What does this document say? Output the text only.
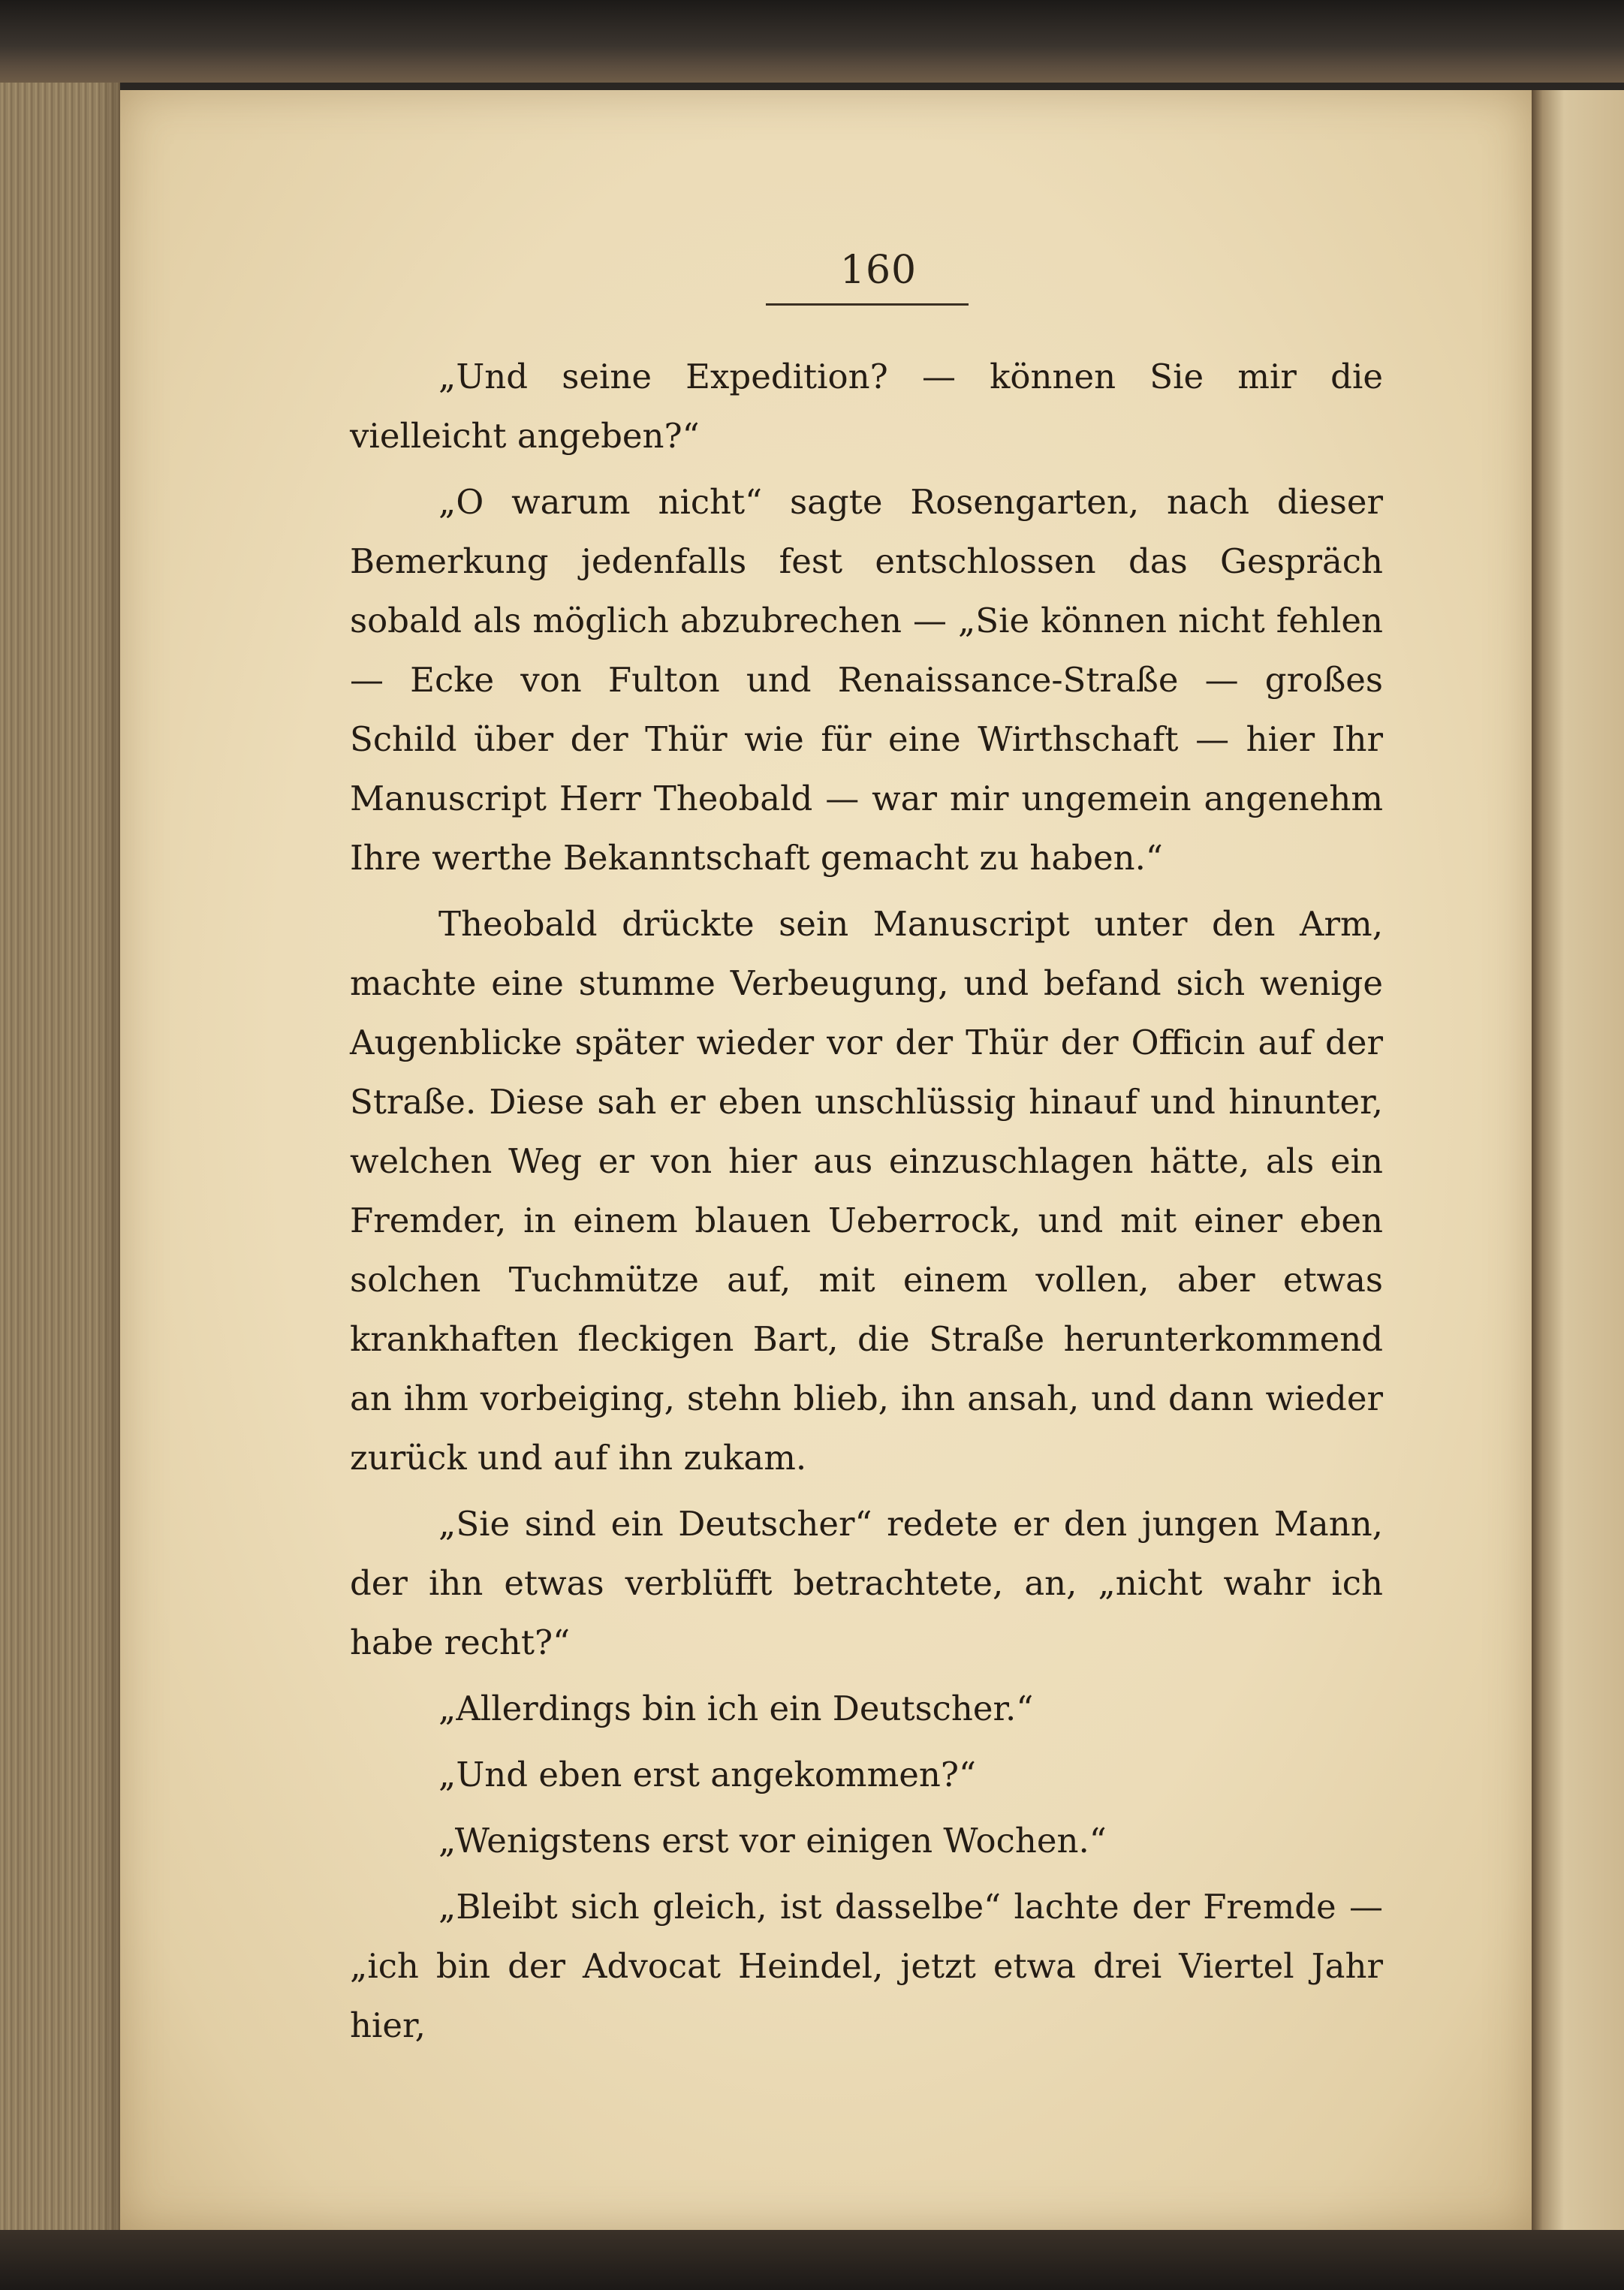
160

„Und seine Expedition? — können Sie mir die vielleicht angeben?“

„O warum nicht“ sagte Rosengarten, nach dieser Bemerkung jedenfalls fest entschlossen das Gespräch sobald als möglich abzubrechen — „Sie können nicht fehlen — Ecke von Fulton und Renaissance-Straße — großes Schild über der Thür wie für eine Wirthschaft — hier Ihr Manuscript Herr Theobald — war mir ungemein angenehm Ihre werthe Bekanntschaft gemacht zu haben.“

Theobald drückte sein Manuscript unter den Arm, machte eine stumme Verbeugung, und befand sich wenige Augenblicke später wieder vor der Thür der Officin auf der Straße. Diese sah er eben unschlüssig hinauf und hinunter, welchen Weg er von hier aus einzuschlagen hätte, als ein Fremder, in einem blauen Ueberrock, und mit einer eben solchen Tuchmütze auf, mit einem vollen, aber etwas krankhaften fleckigen Bart, die Straße herunterkommend an ihm vorbeiging, stehn blieb, ihn ansah, und dann wieder zurück und auf ihn zukam.

„Sie sind ein Deutscher“ redete er den jungen Mann, der ihn etwas verblüfft betrachtete, an, „nicht wahr ich habe recht?“

„Allerdings bin ich ein Deutscher.“

„Und eben erst angekommen?“

„Wenigstens erst vor einigen Wochen.“

„Bleibt sich gleich, ist dasselbe“ lachte der Fremde — „ich bin der Advocat Heindel, jetzt etwa drei Viertel Jahr hier,
